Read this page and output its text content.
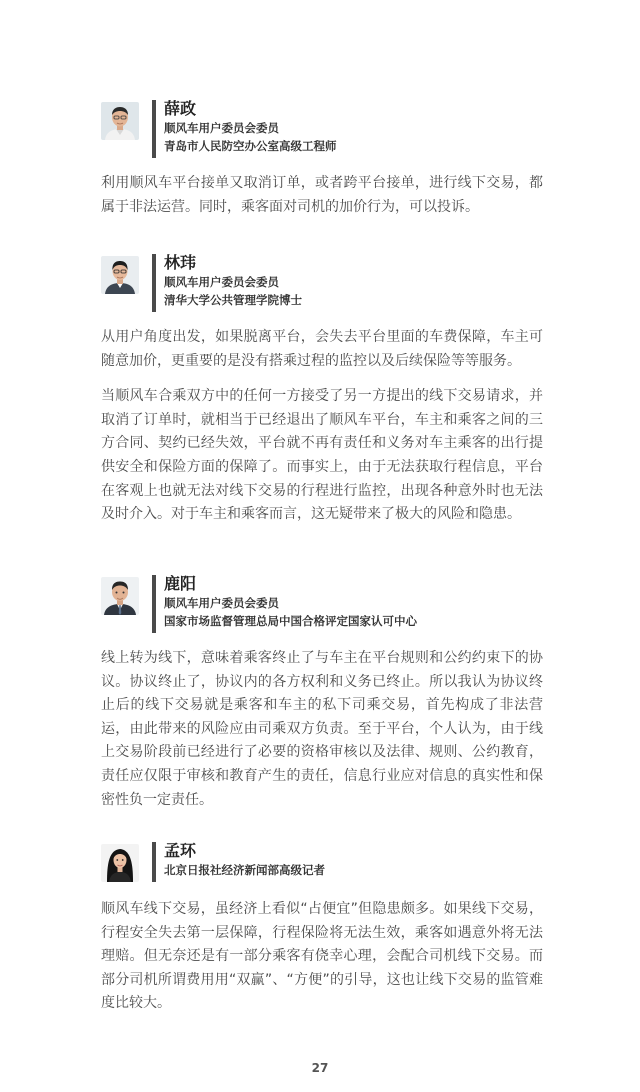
薛政
顺风车用户委员会委员
青岛市人民防空办公室高级工程师

利用顺风车平台接单又取消订单，或者跨平台接单，进行线下交易，都属于非法运营。同时，乘客面对司机的加价行为，可以投诉。

林玮
顺风车用户委员会委员
清华大学公共管理学院博士

从用户角度出发，如果脱离平台，会失去平台里面的车费保障，车主可随意加价，更重要的是没有搭乘过程的监控以及后续保险等等服务。

当顺风车合乘双方中的任何一方接受了另一方提出的线下交易请求，并取消了订单时，就相当于已经退出了顺风车平台，车主和乘客之间的三方合同、契约已经失效，平台就不再有责任和义务对车主乘客的出行提供安全和保险方面的保障了。而事实上，由于无法获取行程信息，平台在客观上也就无法对线下交易的行程进行监控，出现各种意外时也无法及时介入。对于车主和乘客而言，这无疑带来了极大的风险和隐患。

鹿阳
顺风车用户委员会委员
国家市场监督管理总局中国合格评定国家认可中心

线上转为线下，意味着乘客终止了与车主在平台规则和公约约束下的协议。协议终止了，协议内的各方权利和义务已终止。所以我认为协议终止后的线下交易就是乘客和车主的私下司乘交易，首先构成了非法营运，由此带来的风险应由司乘双方负责。至于平台，个人认为，由于线上交易阶段前已经进行了必要的资格审核以及法律、规则、公约教育，责任应仅限于审核和教育产生的责任，信息行业应对信息的真实性和保密性负一定责任。

孟环
北京日报社经济新闻部高级记者

顺风车线下交易，虽经济上看似“占便宜”但隐患颇多。如果线下交易，行程安全失去第一层保障，行程保险将无法生效，乘客如遇意外将无法理赔。但无奈还是有一部分乘客有侥幸心理，会配合司机线下交易。而部分司机所谓费用用“双赢”、“方便”的引导，这也让线下交易的监管难度比较大。

27
